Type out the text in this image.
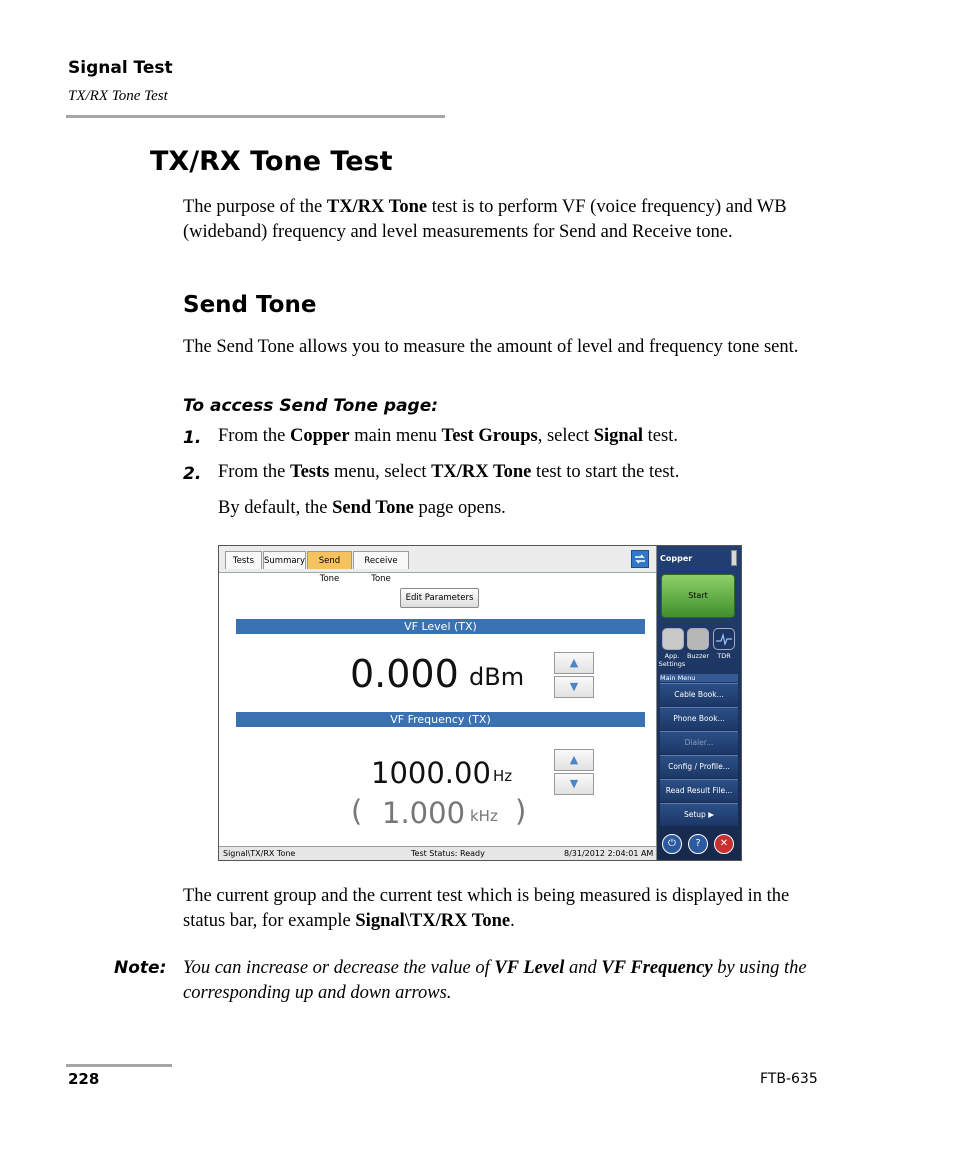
Signal Test
TX/RX Tone Test
TX/RX Tone Test
The purpose of the TX/RX Tone test is to perform VF (voice frequency) and WB (wideband) frequency and level measurements for Send and Receive tone.
Send Tone
The Send Tone allows you to measure the amount of level and frequency tone sent.
To access Send Tone page:
1. From the Copper main menu Test Groups, select Signal test.
2. From the Tests menu, select TX/RX Tone test to start the test.
By default, the Send Tone page opens.
Tests	Summary	Send Tone
Receive Tone
Edit Parameters
VF Level (TX)
0.000 dBm
▲
▼
VF Frequency (TX)
1000.00 Hz
▲
▼
( 1.000 kHz )
Signal\TX/RX Tone	Test Status: Ready	8/31/2012 2:04:01 AM
Copper
Start
App. Settings
Buzzer	TDR
Main Menu
Cable Book...
Phone Book...
Dialer...
Config / Profile...
Read Result File...
Setup ▶
⏻	?	✕
The current group and the current test which is being measured is displayed in the status bar, for example Signal\TX/RX Tone.
Note: You can increase or decrease the value of VF Level and VF Frequency by using the corresponding up and down arrows.
228	FTB-635
